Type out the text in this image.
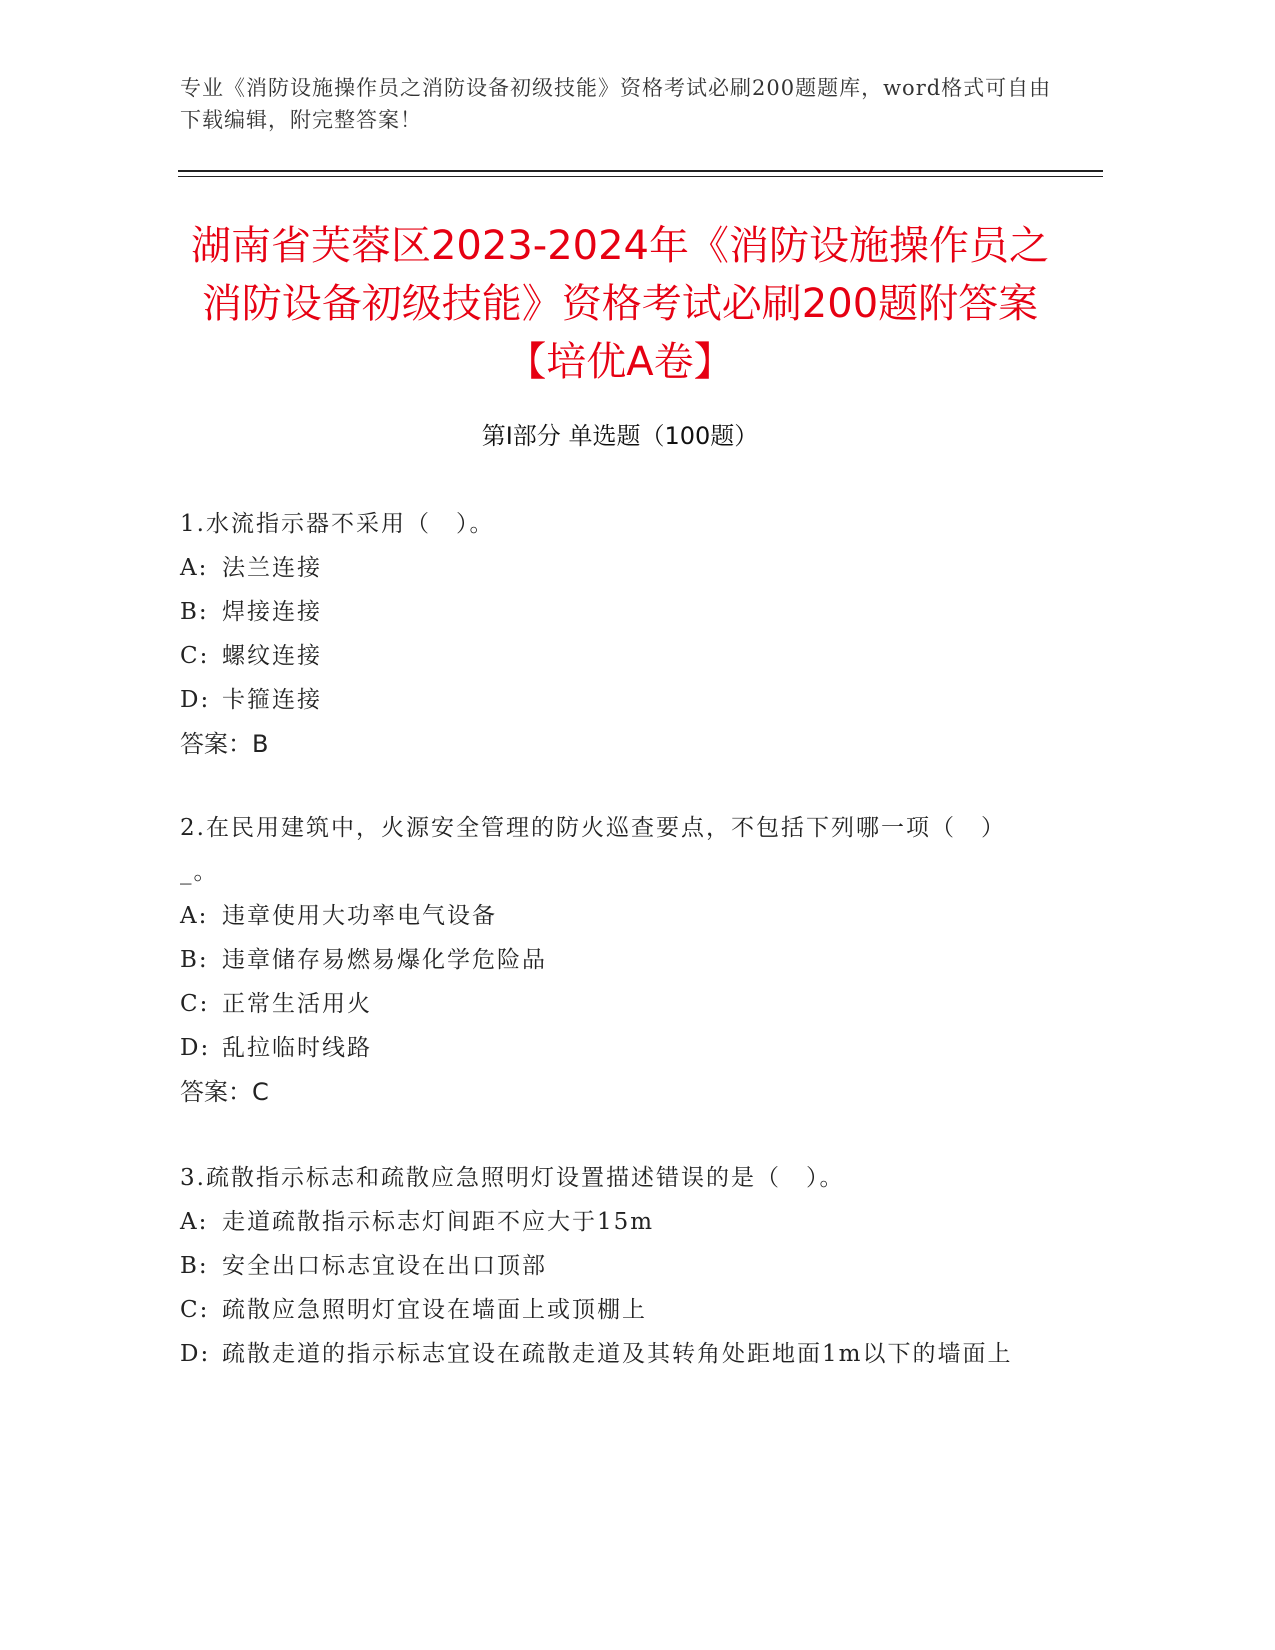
专业《消防设施操作员之消防设备初级技能》资格考试必刷200题题库，word格式可自由下载编辑，附完整答案！
湖南省芙蓉区2023-2024年《消防设施操作员之消防设备初级技能》资格考试必刷200题附答案【培优A卷】
第Ⅰ部分 单选题（100题）
1.水流指示器不采用（　）。
A: 法兰连接
B: 焊接连接
C: 螺纹连接
D: 卡箍连接
答案：B
2.在民用建筑中，火源安全管理的防火巡查要点，不包括下列哪一项（　）_。
A: 违章使用大功率电气设备
B: 违章储存易燃易爆化学危险品
C: 正常生活用火
D: 乱拉临时线路
答案：C
3.疏散指示标志和疏散应急照明灯设置描述错误的是（　）。
A: 走道疏散指示标志灯间距不应大于15m
B: 安全出口标志宜设在出口顶部
C: 疏散应急照明灯宜设在墙面上或顶棚上
D: 疏散走道的指示标志宜设在疏散走道及其转角处距地面1m以下的墙面上
